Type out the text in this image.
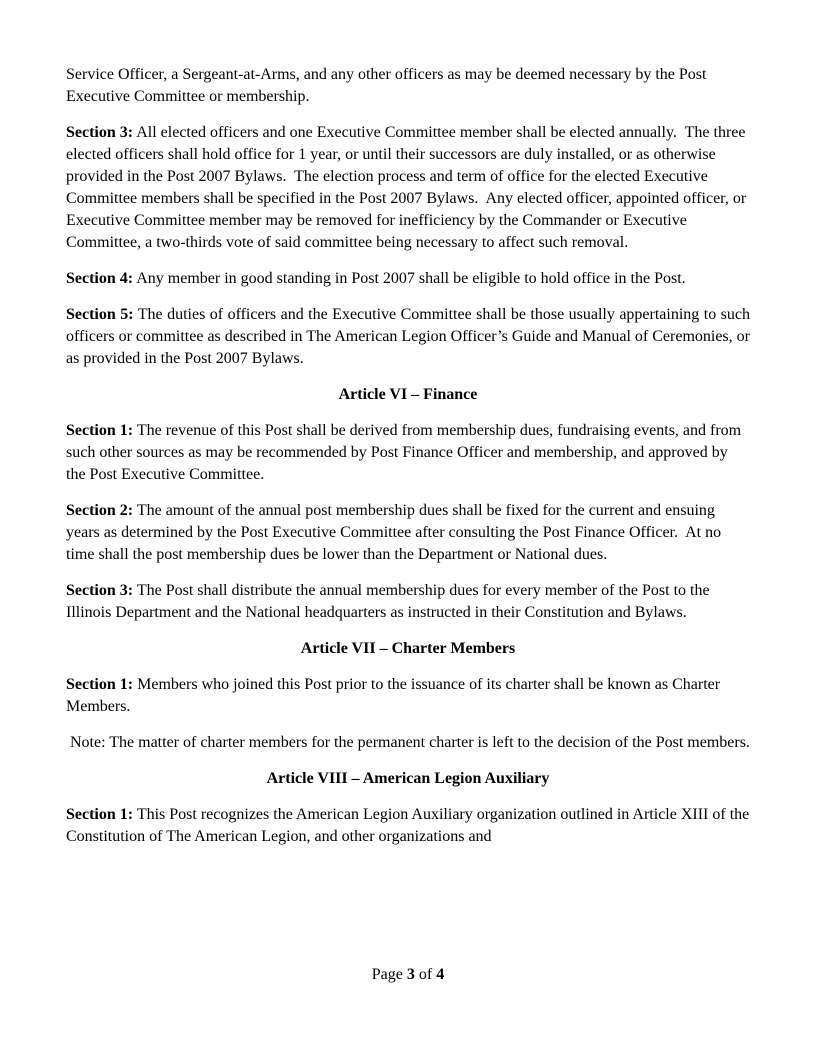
Service Officer, a Sergeant-at-Arms, and any other officers as may be deemed necessary by the Post Executive Committee or membership.

Section 3: All elected officers and one Executive Committee member shall be elected annually.  The three elected officers shall hold office for 1 year, or until their successors are duly installed, or as otherwise provided in the Post 2007 Bylaws.  The election process and term of office for the elected Executive Committee members shall be specified in the Post 2007 Bylaws.  Any elected officer, appointed officer, or Executive Committee member may be removed for inefficiency by the Commander or Executive Committee, a two-thirds vote of said committee being necessary to affect such removal.

Section 4: Any member in good standing in Post 2007 shall be eligible to hold office in the Post.

Section 5: The duties of officers and the Executive Committee shall be those usually appertaining to such officers or committee as described in The American Legion Officer’s Guide and Manual of Ceremonies, or as provided in the Post 2007 Bylaws.

Article VI – Finance

Section 1: The revenue of this Post shall be derived from membership dues, fundraising events, and from such other sources as may be recommended by Post Finance Officer and membership, and approved by the Post Executive Committee.

Section 2: The amount of the annual post membership dues shall be fixed for the current and ensuing years as determined by the Post Executive Committee after consulting the Post Finance Officer.  At no time shall the post membership dues be lower than the Department or National dues.

Section 3: The Post shall distribute the annual membership dues for every member of the Post to the Illinois Department and the National headquarters as instructed in their Constitution and Bylaws.

Article VII – Charter Members

Section 1: Members who joined this Post prior to the issuance of its charter shall be known as Charter Members.

Note: The matter of charter members for the permanent charter is left to the decision of the Post members.

Article VIII – American Legion Auxiliary

Section 1: This Post recognizes the American Legion Auxiliary organization outlined in Article XIII of the Constitution of The American Legion, and other organizations and

Page 3 of 4
